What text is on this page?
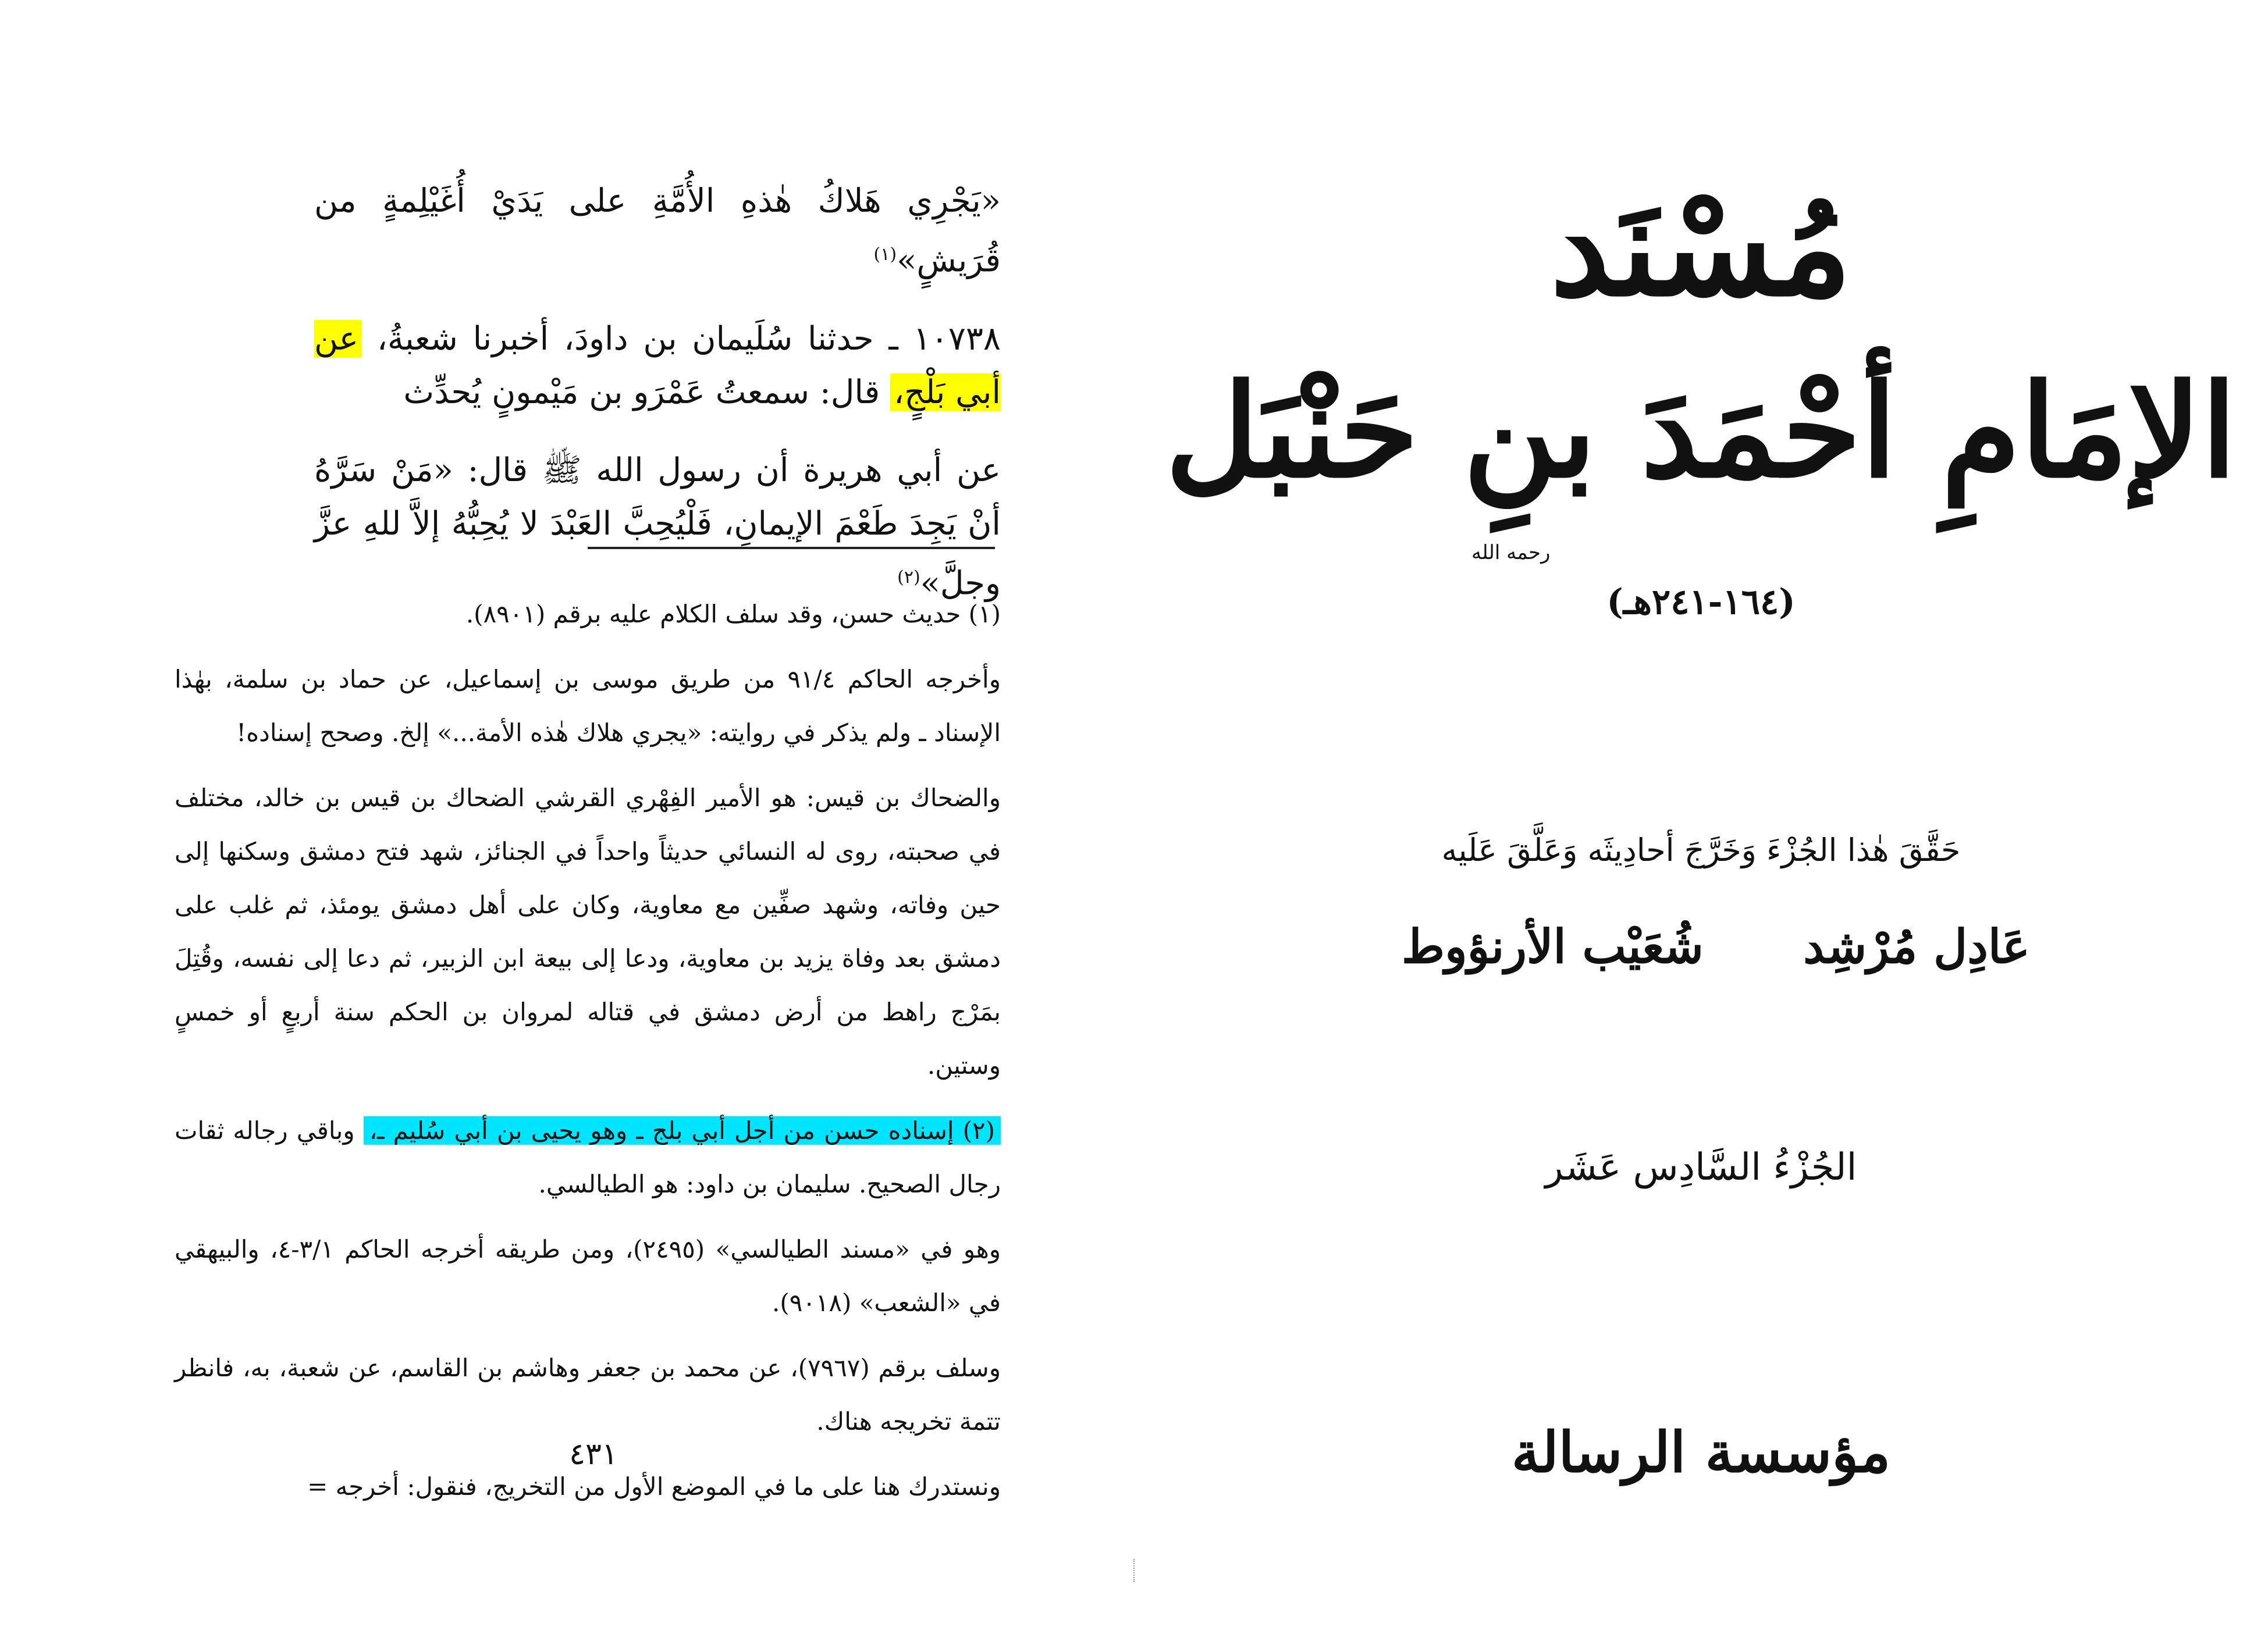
«يَجْرِي هَلاكُ هٰذهِ الأُمَّةِ على يَدَيْ أُغَيْلِمةٍ من قُرَيشٍ»$^{(١)}$

١٠٧٣٨ ـ حدثنا سُلَيمان بن داودَ، أخبرنا شعبةُ، عن أبي بَلْجٍ، قال: سمعتُ عَمْرَو بن مَيْمونٍ يُحدِّث

عن أبي هريرة أن رسول الله ﷺ قال: «مَنْ سَرَّهُ أنْ يَجِدَ طَعْمَ الإيمانِ، فَلْيُحِبَّ العَبْدَ لا يُحِبُّهُ إلاَّ للهِ عزَّ وجلَّ»$^{(٢)}$

(١) حديث حسن، وقد سلف الكلام عليه برقم (٨٩٠١).

وأخرجه الحاكم ٩١/٤ من طريق موسى بن إسماعيل، عن حماد بن سلمة، بهٰذا الإسناد ـ ولم يذكر في روايته: «يجري هلاك هٰذه الأمة...» إلخ. وصحح إسناده!

والضحاك بن قيس: هو الأمير الفِهْري القرشي الضحاك بن قيس بن خالد، مختلف في صحبته، روى له النسائي حديثاً واحداً في الجنائز، شهد فتح دمشق وسكنها إلى حين وفاته، وشهد صفِّين مع معاوية، وكان على أهل دمشق يومئذ، ثم غلب على دمشق بعد وفاة يزيد بن معاوية، ودعا إلى بيعة ابن الزبير، ثم دعا إلى نفسه، وقُتِلَ بمَرْج راهط من أرض دمشق في قتاله لمروان بن الحكم سنة أربعٍ أو خمسٍ وستين.

(٢) إسناده حسن من أجل أبي بلج ـ وهو يحيى بن أبي سُليم ـ، وباقي رجاله ثقات رجال الصحيح. سليمان بن داود: هو الطيالسي.

وهو في «مسند الطيالسي» (٢٤٩٥)، ومن طريقه أخرجه الحاكم ٣/١-٤، والبيهقي في «الشعب» (٩٠١٨).

وسلف برقم (٧٩٦٧)، عن محمد بن جعفر وهاشم بن القاسم، عن شعبة، به، فانظر تتمة تخريجه هناك.

ونستدرك هنا على ما في الموضع الأول من التخريج، فنقول: أخرجه =

٤٣١
مُسْنَد
الإمَامِ أحْمَدَ بنِ حَنْبَل
رحمه الله
(١٦٤-٢٤١هـ)
حَقَّقَ هٰذا الجُزْءَ وَخَرَّجَ أحادِيثَه وَعَلَّقَ عَلَيه
شُعَيْب الأرنؤوط عَادِل مُرْشِد
الجُزْءُ السَّادِس عَشَر
مؤسسة الرسالة
